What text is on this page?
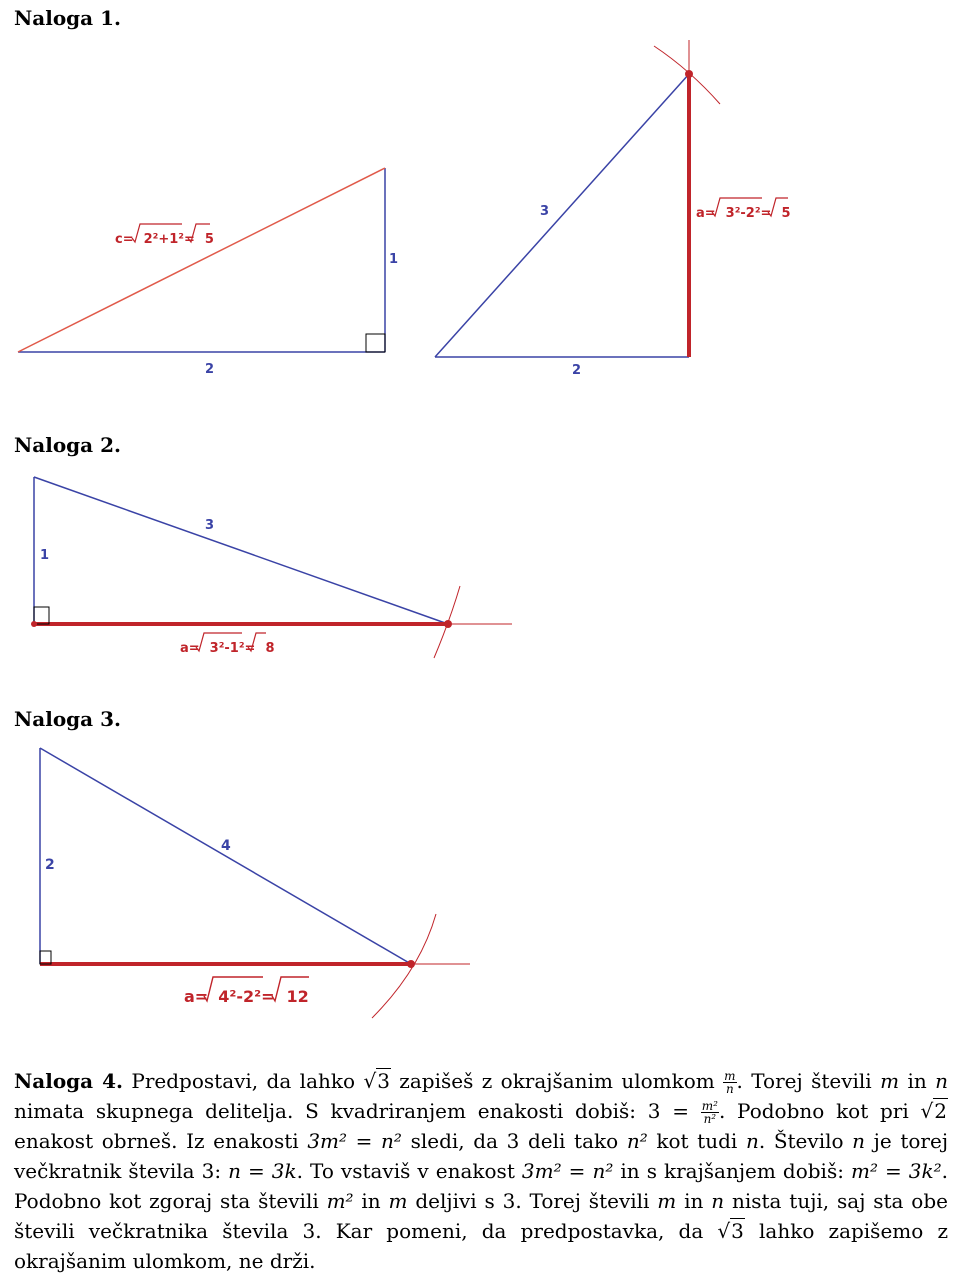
Naloga 1.
Naloga 2.
Naloga 3.
c= 2²+1²= 5
1
2
3	a= 3²-2²= 5
2
1
3
a= 3²-1²= 8
2
4
a= 4²-2²= 12
Naloga 4. Predpostavi, da lahko √3 zapišeš z okrajšanim ulomkom $\frac{m}{n}$ . Torej števili m in n nimata skupnega delitelja. S kvadriranjem enakosti dobiš: $3 = \frac{\text{m²}}{\text{n²}}$ . Podobno kot pri √2 enakost obrneš. Iz enakosti 3m² = n² sledi, da 3 deli tako n² kot tudi n. Število n je torej večkratnik števila 3: n = 3k. To vstaviš v enakost 3m² = n² in s krajšanjem dobiš: m² = 3k². Podobno kot zgoraj sta števili m² in m deljivi s 3. Torej števili m in n nista tuji, saj sta obe števili večkratnika števila 3. Kar pomeni, da predpostavka, da √3 lahko zapišemo z okrajšanim ulomkom, ne drži.
